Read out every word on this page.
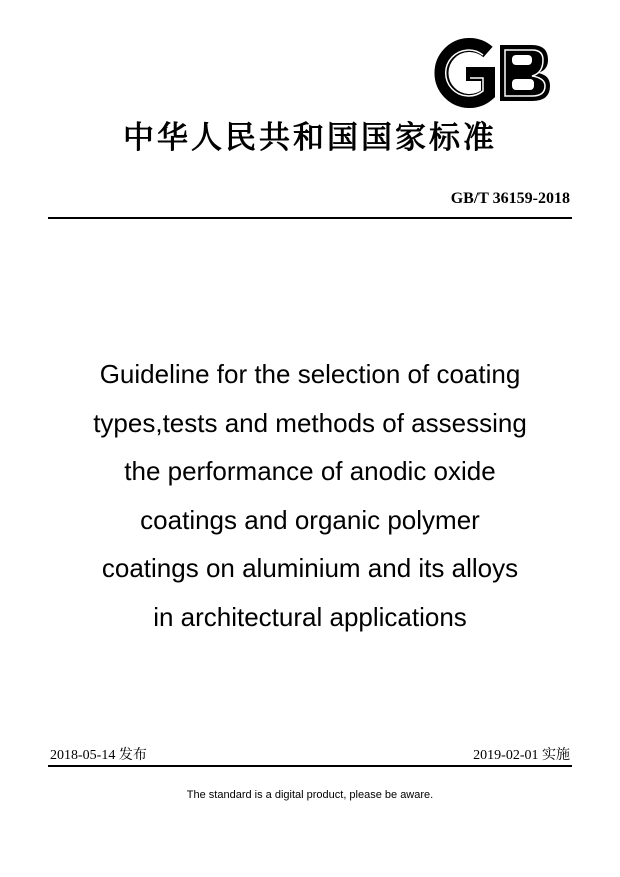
中华人民共和国国家标准
GB/T 36159-2018
Guideline for the selection of coating
types,tests and methods of assessing
the performance of anodic oxide
coatings and organic polymer
coatings on aluminium and its alloys
in architectural applications
2018-05-14 发布	2019-02-01 实施
The standard is a digital product, please be aware.
